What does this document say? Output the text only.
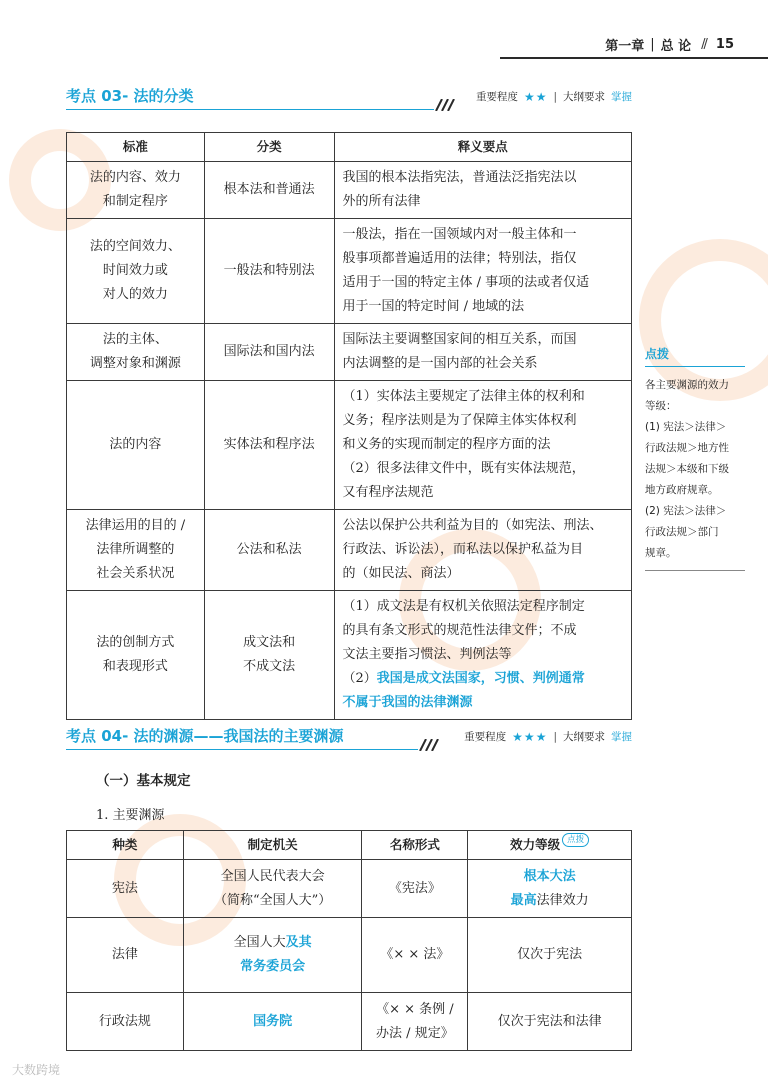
第一章 | 总 论 // 15
考点 03- 法的分类	重要程度 ★★ | 大纲要求 掌握
标准	分类	释义要点

法的内容、效力
和制定程序	根本法和普通法	我国的根本法指宪法，普通法泛指宪法以
外的所有法律

法的空间效力、
时间效力或
对人的效力	一般法和特别法	一般法，指在一国领域内对一般主体和一
般事项都普遍适用的法律；特别法，指仅
适用于一国的特定主体 / 事项的法或者仅适
用于一国的特定时间 / 地域的法

法的主体、
调整对象和渊源	国际法和国内法	国际法主要调整国家间的相互关系，而国
内法调整的是一国内部的社会关系

法的内容	实体法和程序法	（1）实体法主要规定了法律主体的权利和
义务；程序法则是为了保障主体实体权利
和义务的实现而制定的程序方面的法
（2）很多法律文件中，既有实体法规范，
又有程序法规范

法律运用的目的 /
法律所调整的
社会关系状况	公法和私法	公法以保护公共利益为目的（如宪法、刑法、
行政法、诉讼法），而私法以保护私益为目
的（如民法、商法）

法的创制方式
和表现形式	成文法和
不成文法	（1）成文法是有权机关依照法定程序制定
的具有条文形式的规范性法律文件；不成
文法主要指习惯法、判例法等
（2）我国是成文法国家，习惯、判例通常
不属于我国的法律渊源
点拨
各主要渊源的效力
等级：
(1) 宪法＞法律＞
行政法规＞地方性
法规＞本级和下级
地方政府规章。
(2) 宪法＞法律＞
行政法规＞部门
规章。
考点 04- 法的渊源——我国法的主要渊源	重要程度 ★★★ | 大纲要求 掌握
（一）基本规定
1. 主要渊源
种类	制定机关	名称形式	效力等级 点拨
宪法	全国人民代表大会
（简称“全国人大”）	《宪法》	根本大法
最高法律效力

法律	全国人大及其
常务委员会	《× × 法》	仅次于宪法
行政法规	国务院	《× × 条例 /
办法 / 规定》	仅次于宪法和法律
大数跨境
